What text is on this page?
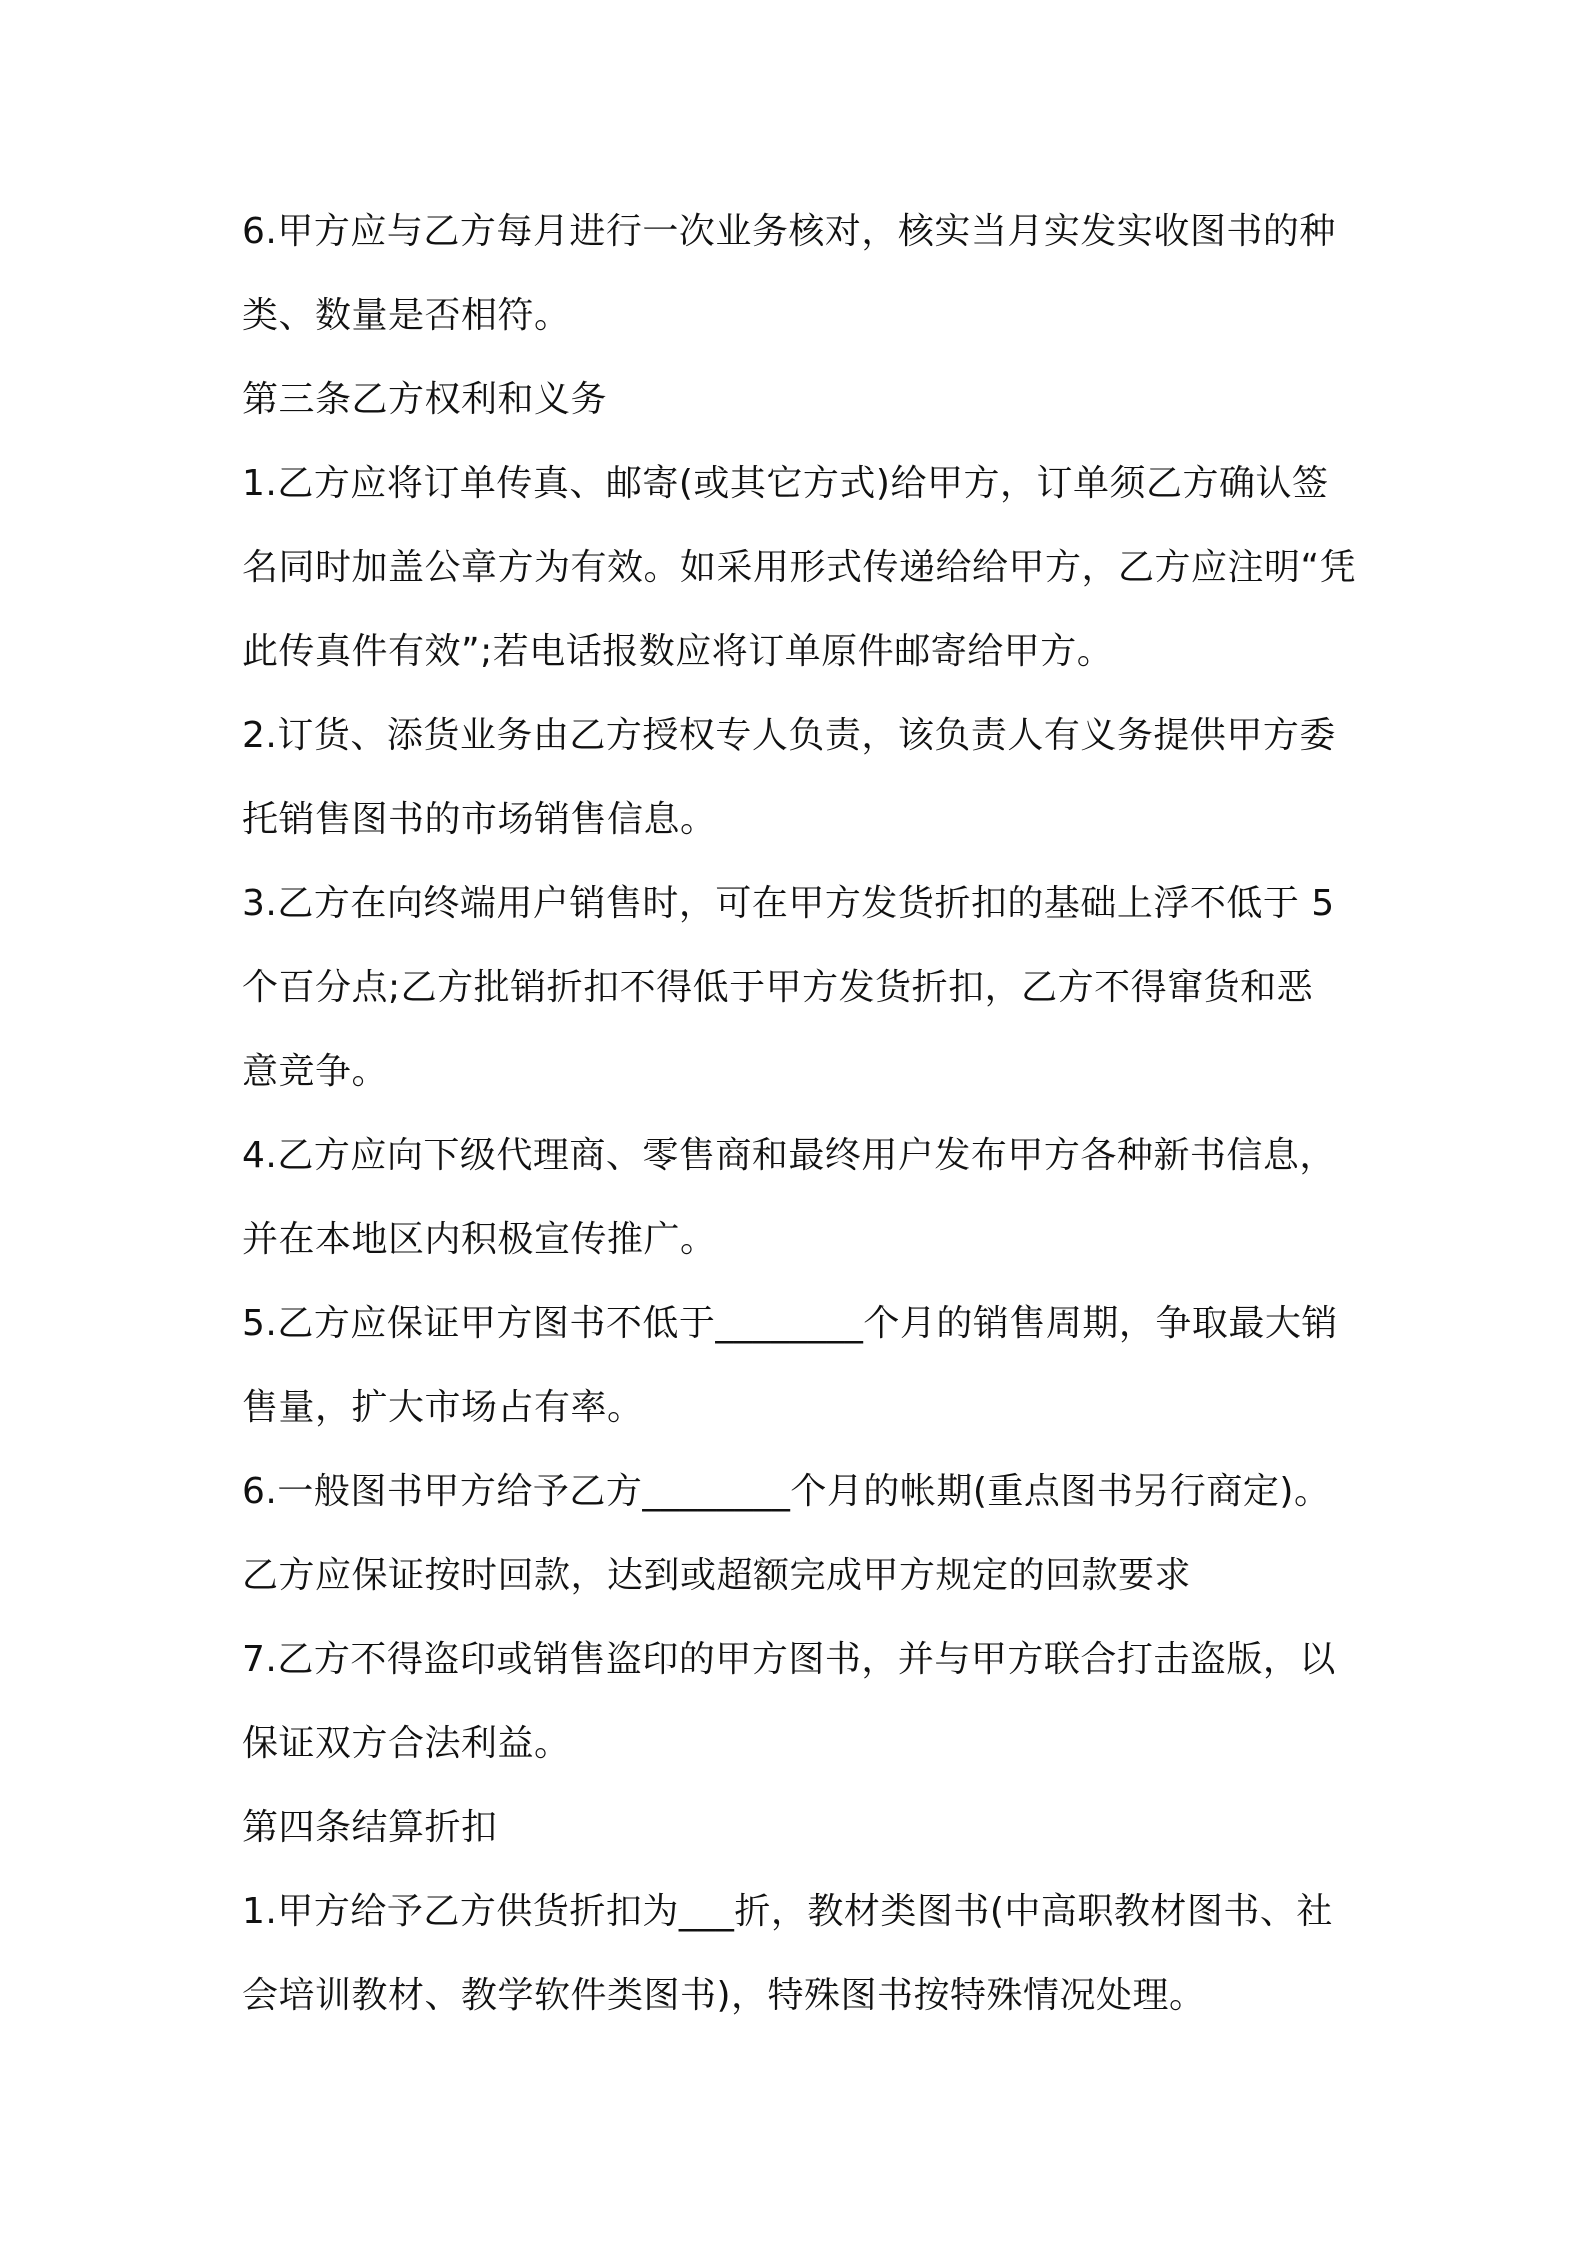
6.甲方应与乙方每月进行一次业务核对，核实当月实发实收图书的种

类、数量是否相符。

第三条乙方权利和义务

1.乙方应将订单传真、邮寄(或其它方式)给甲方，订单须乙方确认签

名同时加盖公章方为有效。如采用形式传递给给甲方，乙方应注明“凭

此传真件有效”;若电话报数应将订单原件邮寄给甲方。

2.订货、添货业务由乙方授权专人负责，该负责人有义务提供甲方委

托销售图书的市场销售信息。

3.乙方在向终端用户销售时，可在甲方发货折扣的基础上浮不低于 5

个百分点;乙方批销折扣不得低于甲方发货折扣，乙方不得窜货和恶

意竞争。

4.乙方应向下级代理商、零售商和最终用户发布甲方各种新书信息，

并在本地区内积极宣传推广。

5.乙方应保证甲方图书不低于________个月的销售周期，争取最大销

售量，扩大市场占有率。

6.一般图书甲方给予乙方________个月的帐期(重点图书另行商定)。

乙方应保证按时回款，达到或超额完成甲方规定的回款要求

7.乙方不得盗印或销售盗印的甲方图书，并与甲方联合打击盗版，以

保证双方合法利益。

第四条结算折扣

1.甲方给予乙方供货折扣为___折，教材类图书(中高职教材图书、社

会培训教材、教学软件类图书)，特殊图书按特殊情况处理。
